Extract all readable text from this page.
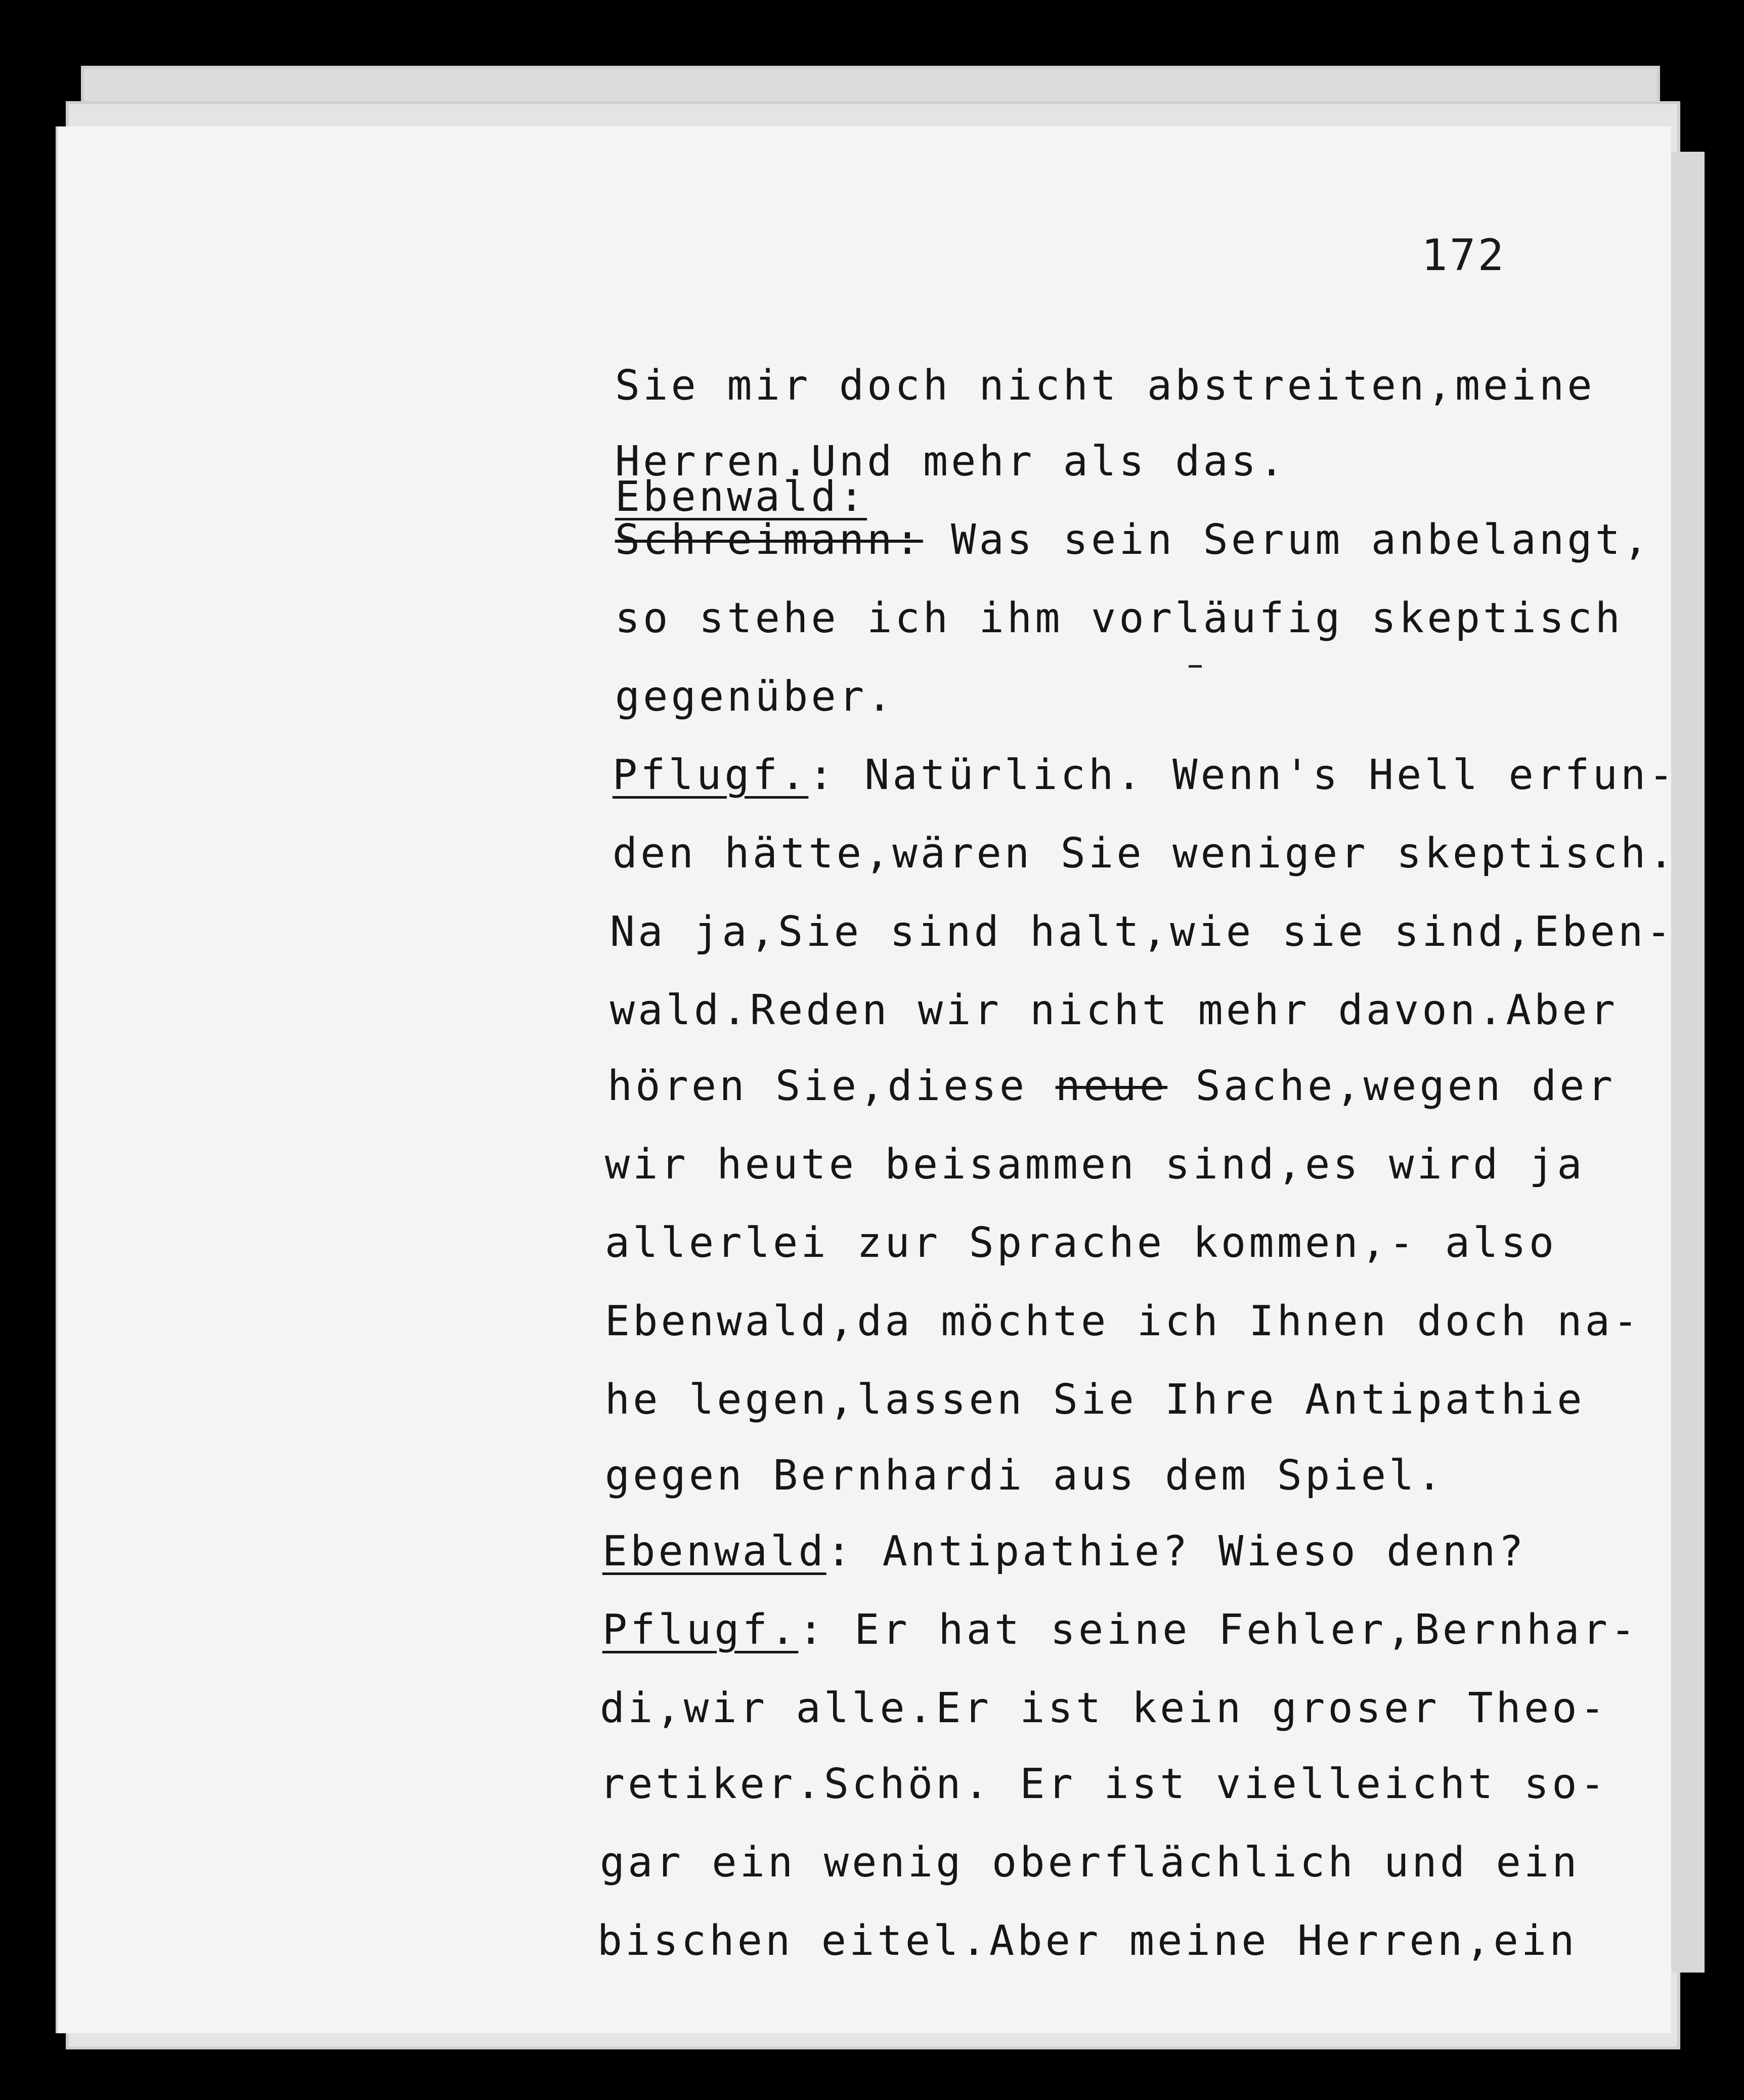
172

Sie mir doch nicht abstreiten,meine

Herren.Und mehr als das.

Ebenwald:

Schreimann: Was sein Serum anbelangt,

so stehe ich ihm vorläufig skeptisch

gegenüber.

Pflugf.: Natürlich. Wenn's Hell erfun-

den hätte,wären Sie weniger skeptisch.

Na ja,Sie sind halt,wie sie sind,Eben-

wald.Reden wir nicht mehr davon.Aber

hören Sie,diese neue Sache,wegen der

wir heute beisammen sind,es wird ja

allerlei zur Sprache kommen,- also

Ebenwald,da möchte ich Ihnen doch na-

he legen,lassen Sie Ihre Antipathie

gegen Bernhardi aus dem Spiel.

Ebenwald: Antipathie? Wieso denn?

Pflugf.: Er hat seine Fehler,Bernhar-

di,wir alle.Er ist kein groser Theo-

retiker.Schön. Er ist vielleicht so-

gar ein wenig oberflächlich und ein

bischen eitel.Aber meine Herren,ein
